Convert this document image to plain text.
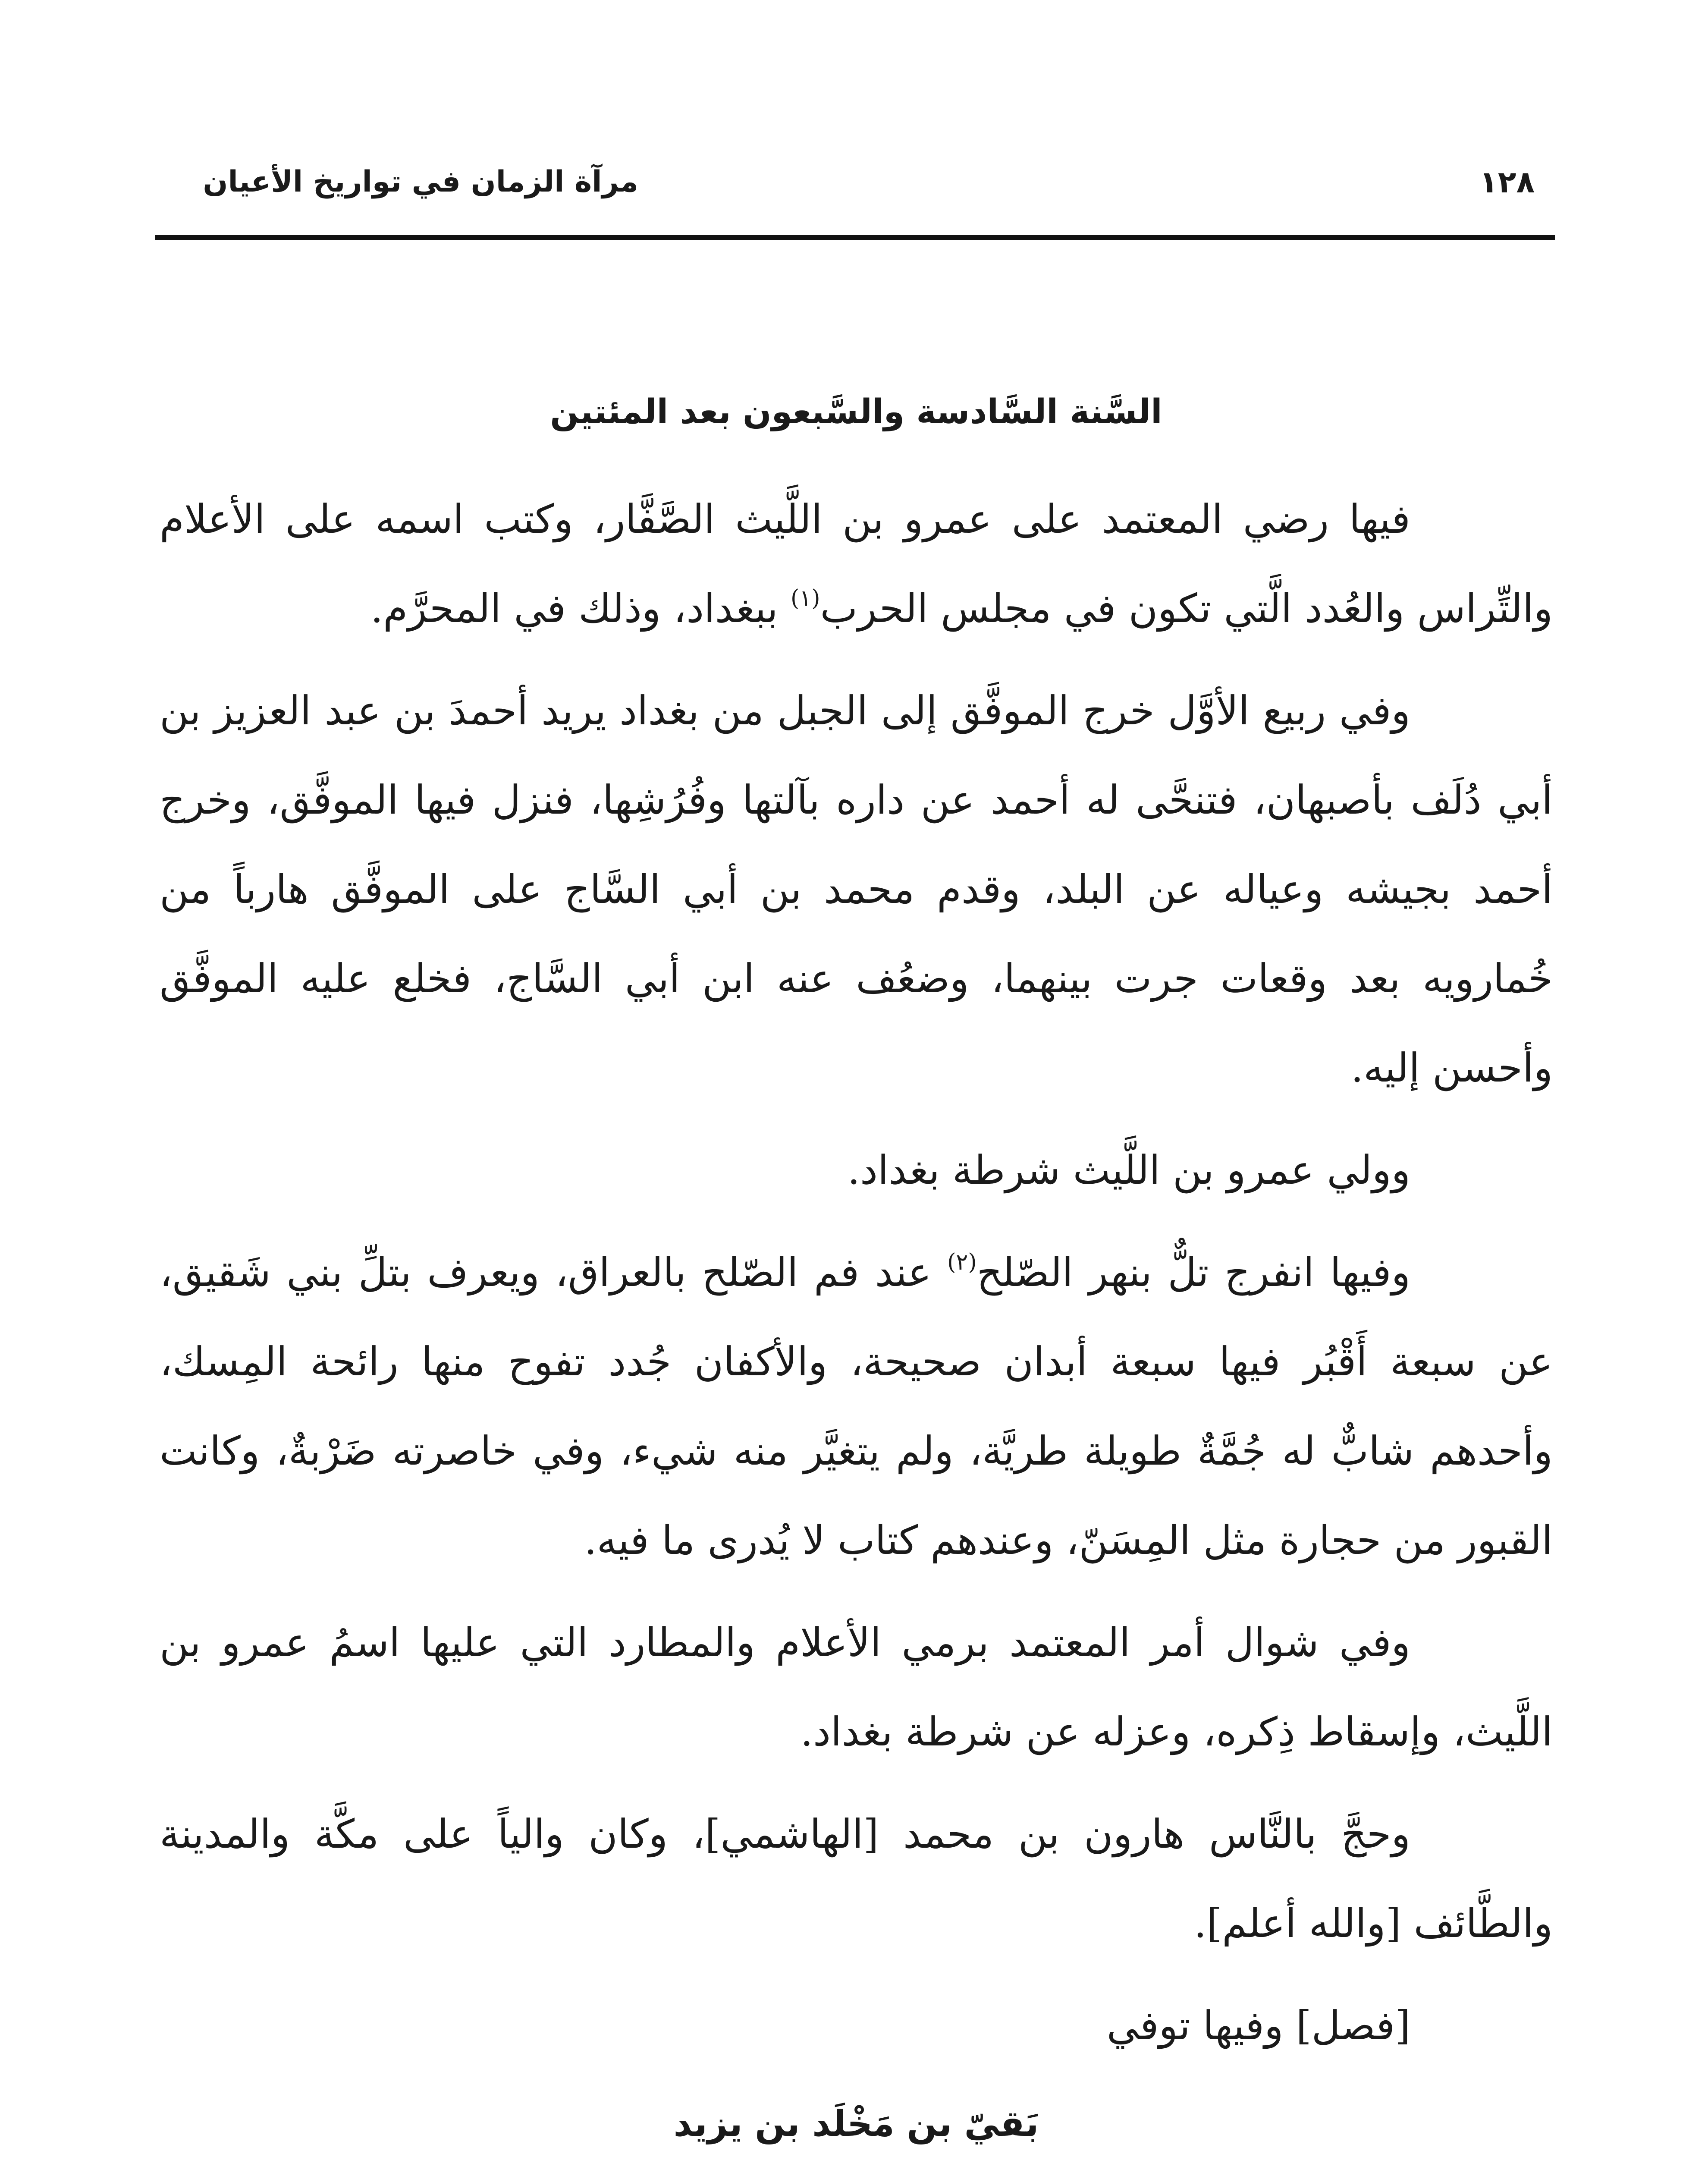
١٢٨
مرآة الزمان في تواريخ الأعيان
السَّنة السَّادسة والسَّبعون بعد المئتين

فيها رضي المعتمد على عمرو بن اللَّيث الصَّفَّار، وكتب اسمه على الأعلام والتِّراس والعُدد الَّتي تكون في مجلس الحرب$^{(١)}$ ببغداد، وذلك في المحرَّم.

وفي ربيع الأوَّل خرج الموفَّق إلى الجبل من بغداد يريد أحمدَ بن عبد العزيز بن أبي دُلَف بأصبهان، فتنحَّى له أحمد عن داره بآلتها وفُرُشِها، فنزل فيها الموفَّق، وخرج أحمد بجيشه وعياله عن البلد، وقدم محمد بن أبي السَّاج على الموفَّق هارباً من خُمارويه بعد وقعات جرت بينهما، وضعُف عنه ابن أبي السَّاج، فخلع عليه الموفَّق وأحسن إليه.

وولي عمرو بن اللَّيث شرطة بغداد.

وفيها انفرج تلٌّ بنهر الصّلح$^{(٢)}$ عند فم الصّلح بالعراق، ويعرف بتلِّ بني شَقيق، عن سبعة أَقْبُر فيها سبعة أبدان صحيحة، والأكفان جُدد تفوح منها رائحة المِسك، وأحدهم شابٌّ له جُمَّةٌ طويلة طريَّة، ولم يتغيَّر منه شيء، وفي خاصرته ضَرْبةٌ، وكانت القبور من حجارة مثل المِسَنّ، وعندهم كتاب لا يُدرى ما فيه.

وفي شوال أمر المعتمد برمي الأعلام والمطارد التي عليها اسمُ عمرو بن اللَّيث، وإسقاط ذِكره، وعزله عن شرطة بغداد.

وحجَّ بالنَّاس هارون بن محمد [الهاشمي]، وكان والياً على مكَّة والمدينة والطَّائف [والله أعلم].

[فصل] وفيها توفي

بَقيّ بن مَخْلَد بن يزيد
